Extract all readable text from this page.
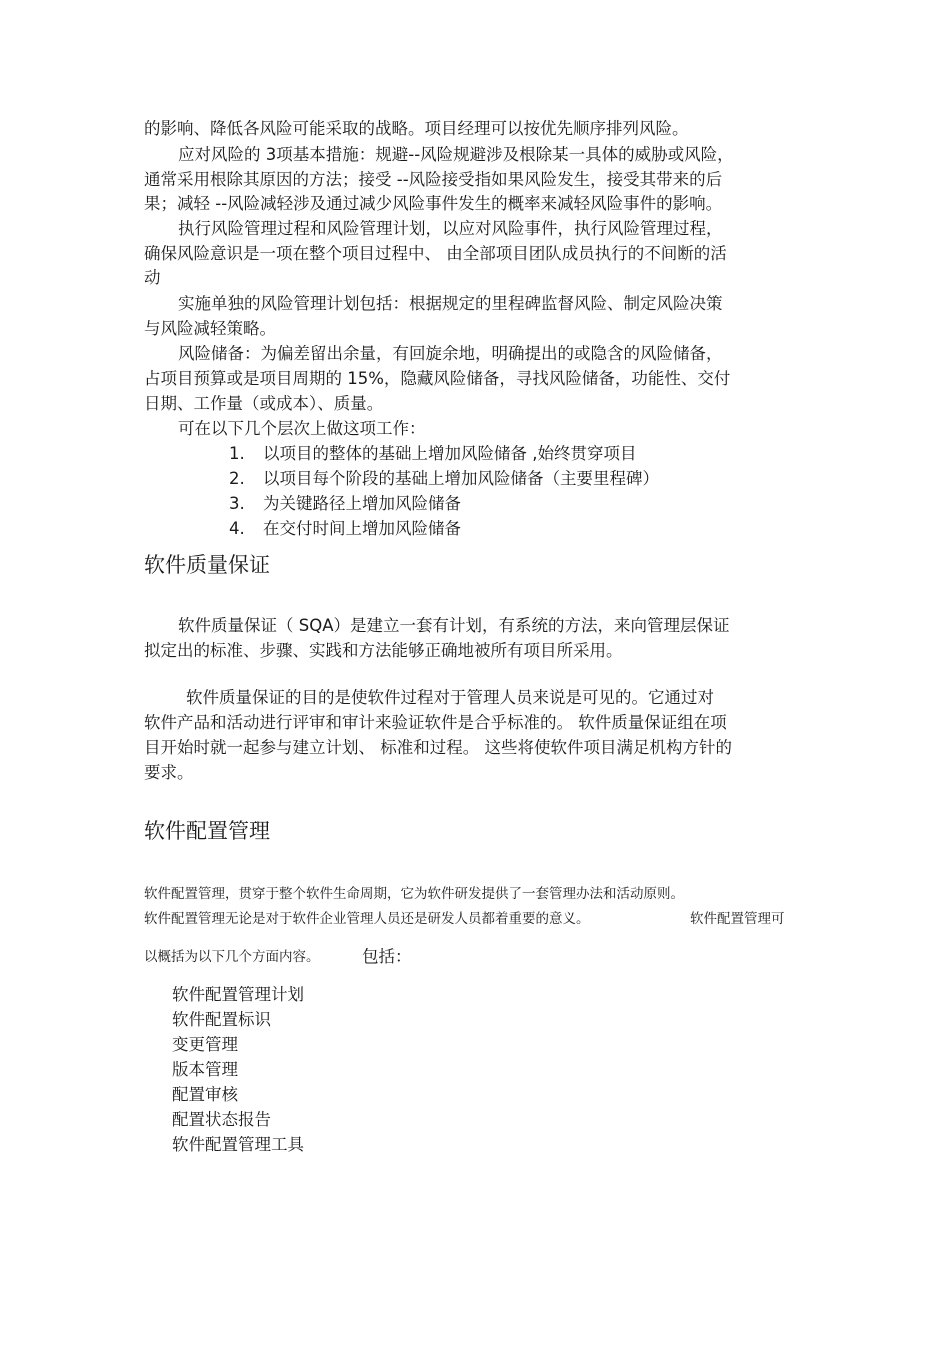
的影响、降低各风险可能采取的战略。项目经理可以按优先顺序排列风险。
应对风险的 3项基本措施：规避--风险规避涉及根除某一具体的威胁或风险，
通常采用根除其原因的方法；接受 --风险接受指如果风险发生，接受其带来的后
果；减轻 --风险减轻涉及通过减少风险事件发生的概率来减轻风险事件的影响。
执行风险管理过程和风险管理计划，以应对风险事件，执行风险管理过程，
确保风险意识是一项在整个项目过程中、 由全部项目团队成员执行的不间断的活
动
实施单独的风险管理计划包括：根据规定的里程碑监督风险、制定风险决策
与风险减轻策略。
风险储备：为偏差留出余量，有回旋余地，明确提出的或隐含的风险储备，
占项目预算或是项目周期的 15%，隐藏风险储备，寻找风险储备，功能性、交付
日期、工作量（或成本）、质量。
可在以下几个层次上做这项工作：
1. 以项目的整体的基础上增加风险储备 ,始终贯穿项目
2. 以项目每个阶段的基础上增加风险储备（主要里程碑）
3. 为关键路径上增加风险储备
4. 在交付时间上增加风险储备
软件质量保证
软件质量保证（ SQA）是建立一套有计划，有系统的方法，来向管理层保证
拟定出的标准、步骤、实践和方法能够正确地被所有项目所采用。
软件质量保证的目的是使软件过程对于管理人员来说是可见的。它通过对
软件产品和活动进行评审和审计来验证软件是合乎标准的。 软件质量保证组在项
目开始时就一起参与建立计划、 标准和过程。 这些将使软件项目满足机构方针的
要求。
软件配置管理
软件配置管理，贯穿于整个软件生命周期，它为软件研发提供了一套管理办法和活动原则。
软件配置管理无论是对于软件企业管理人员还是研发人员都着重要的意义。	软件配置管理可
以概括为以下几个方面内容。	包括：
软件配置管理计划
软件配置标识
变更管理
版本管理
配置审核
配置状态报告
软件配置管理工具
